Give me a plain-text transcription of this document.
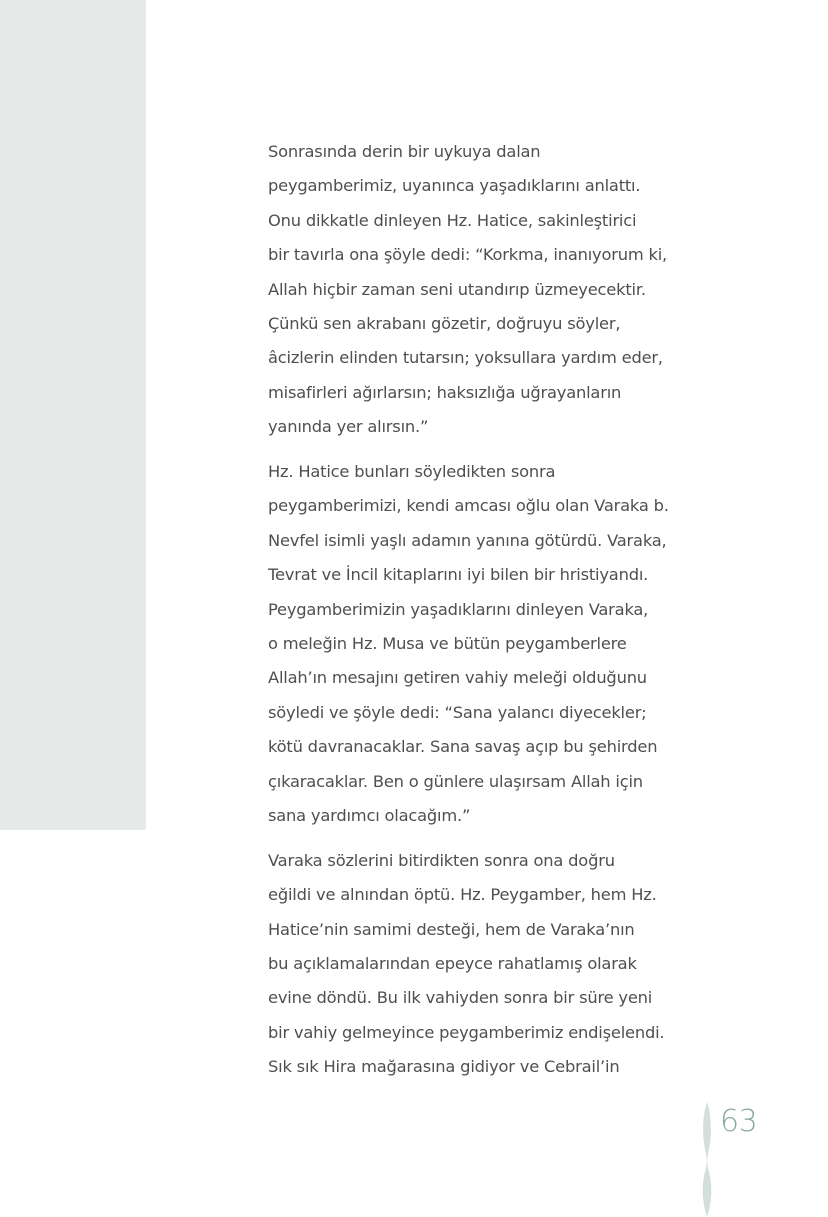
Sonrasında derin bir uykuya dalan
peygamberimiz, uyanınca yaşadıklarını anlattı.
Onu dikkatle dinleyen Hz. Hatice, sakinleştirici
bir tavırla ona şöyle dedi: “Korkma, inanıyorum ki,
Allah hiçbir zaman seni utandırıp üzmeyecektir.
Çünkü sen akrabanı gözetir, doğruyu söyler,
âcizlerin elinden tutarsın; yoksullara yardım eder,
misafirleri ağırlarsın; haksızlığa uğrayanların
yanında yer alırsın.”
Hz. Hatice bunları söyledikten sonra
peygamberimizi, kendi amcası oğlu olan Varaka b.
Nevfel isimli yaşlı adamın yanına götürdü. Varaka,
Tevrat ve İncil kitaplarını iyi bilen bir hristiyandı.
Peygamberimizin yaşadıklarını dinleyen Varaka,
o meleğin Hz. Musa ve bütün peygamberlere
Allah’ın mesajını getiren vahiy meleği olduğunu
söyledi ve şöyle dedi: “Sana yalancı diyecekler;
kötü davranacaklar. Sana savaş açıp bu şehirden
çıkaracaklar. Ben o günlere ulaşırsam Allah için
sana yardımcı olacağım.”
Varaka sözlerini bitirdikten sonra ona doğru
eğildi ve alnından öptü. Hz. Peygamber, hem Hz.
Hatice’nin samimi desteği, hem de Varaka’nın
bu açıklamalarından epeyce rahatlamış olarak
evine döndü. Bu ilk vahiyden sonra bir süre yeni
bir vahiy gelmeyince peygamberimiz endişelendi.
Sık sık Hira mağarasına gidiyor ve Cebrail’in
63
